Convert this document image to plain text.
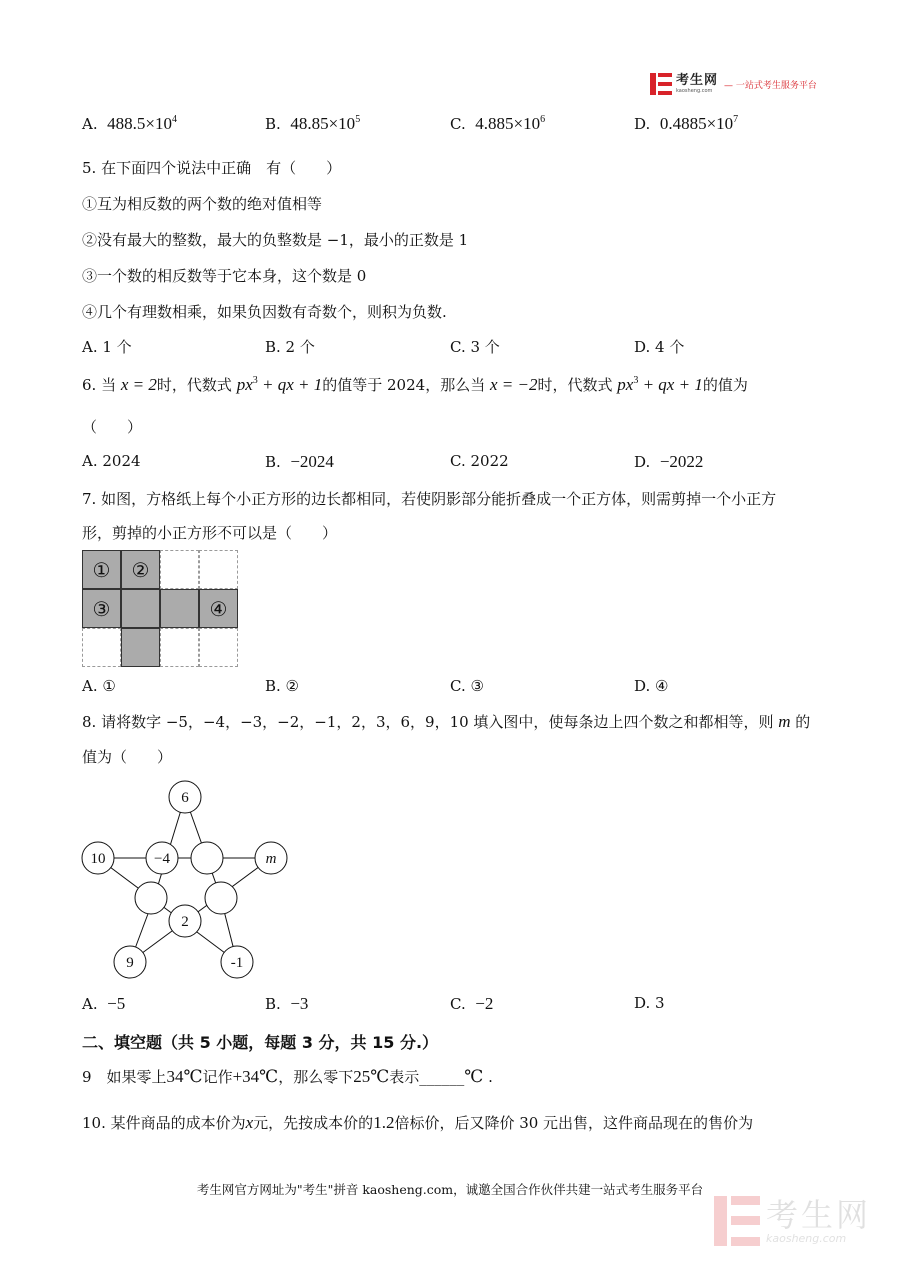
考生网
kaosheng.com
— 一站式考生服务平台
A. $488.5\times 10^4$	B. $48.85\times 10^5$	C. $4.885\times 10^6$	D. $0.4885\times 10^7$
5. 在下面四个说法中正确　有（　　）
①互为相反数的两个数的绝对值相等
②没有最大的整数，最大的负整数是 −1，最小的正数是 1
③一个数的相反数等于它本身，这个数是 0
④几个有理数相乘，如果负因数有奇数个，则积为负数.
A. 1 个	B. 2 个	C. 3 个	D. 4 个
6. 当 x = 2时，代数式 $px^3$ + qx + 1的值等于 2024，那么当 x = −2时，代数式 $px^3$ + qx + 1的值为
（　　）
A. 2024	B. −2024	C. 2022	D. −2022
7. 如图，方格纸上每个小正方形的边长都相同，若使阴影部分能折叠成一个正方体，则需剪掉一个小正方
形，剪掉的小正方形不可以是（　　）
①	②
③	④
A. ①	B. ②	C. ③	D. ④
8. 请将数字 −5，−4，−3，−2，−1，2，3，6，9，10 填入图中，使每条边上四个数之和都相等，则 m 的
值为（　　）
6
10	−4	m
2
9	-1
A. −5	B. −3	C. −2	D. 3
二、填空题（共 5 小题，每题 3 分，共 15 分.）
9　如果零上34℃记作+34℃，那么零下25℃表示______℃ .
10. 某件商品的成本价为x元，先按成本价的1.2倍标价，后又降价 30 元出售，这件商品现在的售价为
考生网官方网址为"考生"拼音 kaosheng.com，诚邀全国合作伙伴共建一站式考生服务平台
考生网
kaosheng.com
